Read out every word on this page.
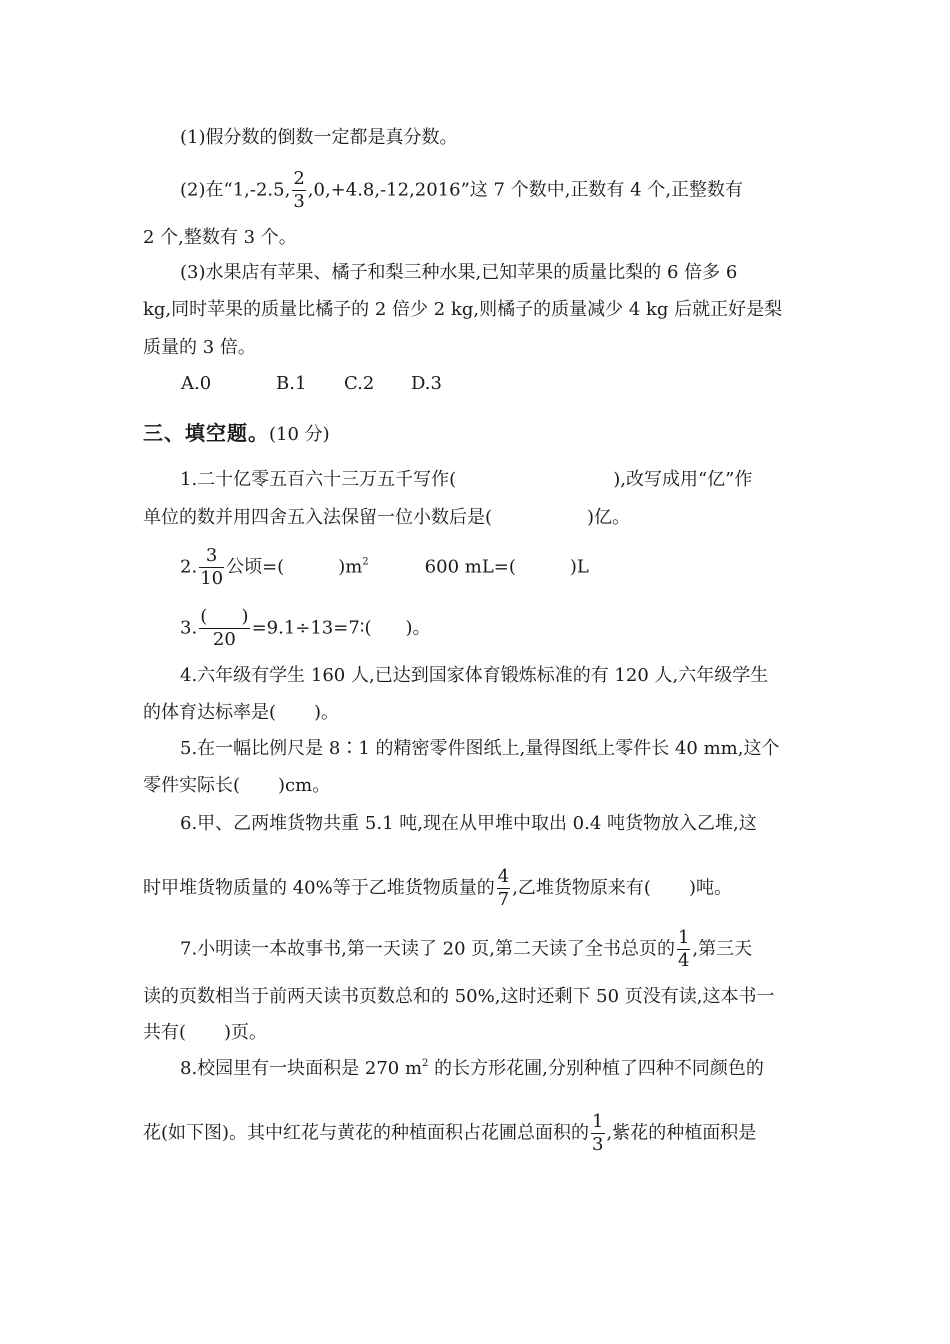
(1)假分数的倒数一定都是真分数。
(2)在“1,-2.5, $\frac{2}{3} ,0,+4.8,-12,2016$”这 7 个数中,正数有 4 个,正整数有
2 个,整数有 3 个。
(3)水果店有苹果、橘子和梨三种水果,已知苹果的质量比梨的 6 倍多 6
kg,同时苹果的质量比橘子的 2 倍少 2 kg,则橘子的质量减少 4 kg 后就正好是梨
质量的 3 倍。
A.0	B.1 C.2 D.3
三、填空题。(10 分)
1.二十亿零五百六十三万五千写作(	),改写成用“亿”作
单位的数并用四舍五入法保留一位小数后是(	)亿。
2. $\frac{3}{10}$ 公顷=(	)$m^2$	600 mL=(	)L
3. $\frac{( )}{20}$ =9.1÷13=7∶( )。
4.六年级有学生 160 人,已达到国家体育锻炼标准的有 120 人,六年级学生
的体育达标率是( )。
5.在一幅比例尺是 8∶1 的精密零件图纸上,量得图纸上零件长 40 mm,这个
零件实际长( )cm。
6.甲、乙两堆货物共重 5.1 吨,现在从甲堆中取出 0.4 吨货物放入乙堆,这
时甲堆货物质量的 40%等于乙堆货物质量的 $\frac{4}{7}$ ,乙堆货物原来有( )吨。
7.小明读一本故事书,第一天读了 20 页,第二天读了全书总页的 $\frac{1}{4}$ ,第三天
读的页数相当于前两天读书页数总和的 50%,这时还剩下 50 页没有读,这本书一
共有( )页。
8.校园里有一块面积是 270 $m^2$ 的长方形花圃,分别种植了四种不同颜色的
花(如下图)。其中红花与黄花的种植面积占花圃总面积的 $\frac{1}{3}$ ,紫花的种植面积是
